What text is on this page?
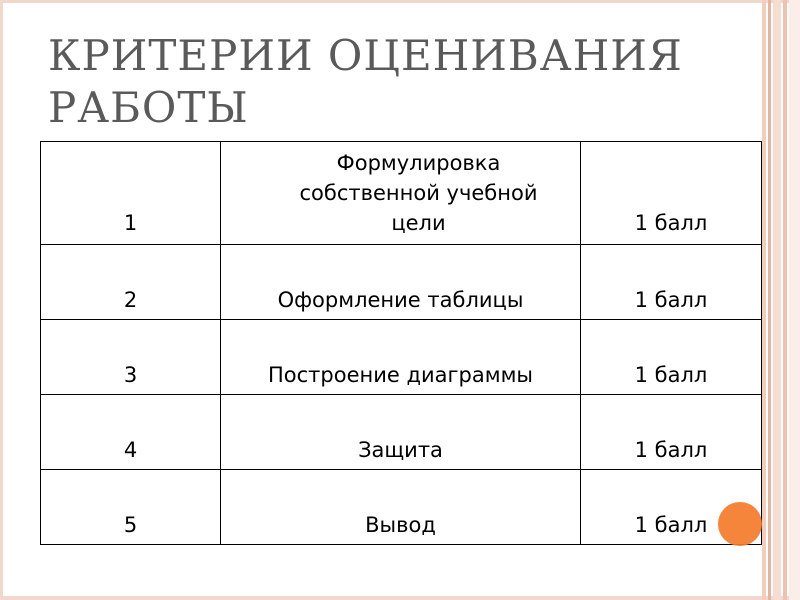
КРИТЕРИИ ОЦЕНИВАНИЯ РАБОТЫ
1	Формулировка собственной учебной цели	1 балл
2	Оформление таблицы	1 балл
3	Построение диаграммы	1 балл
4	Защита	1 балл
5	Вывод	1 балл
